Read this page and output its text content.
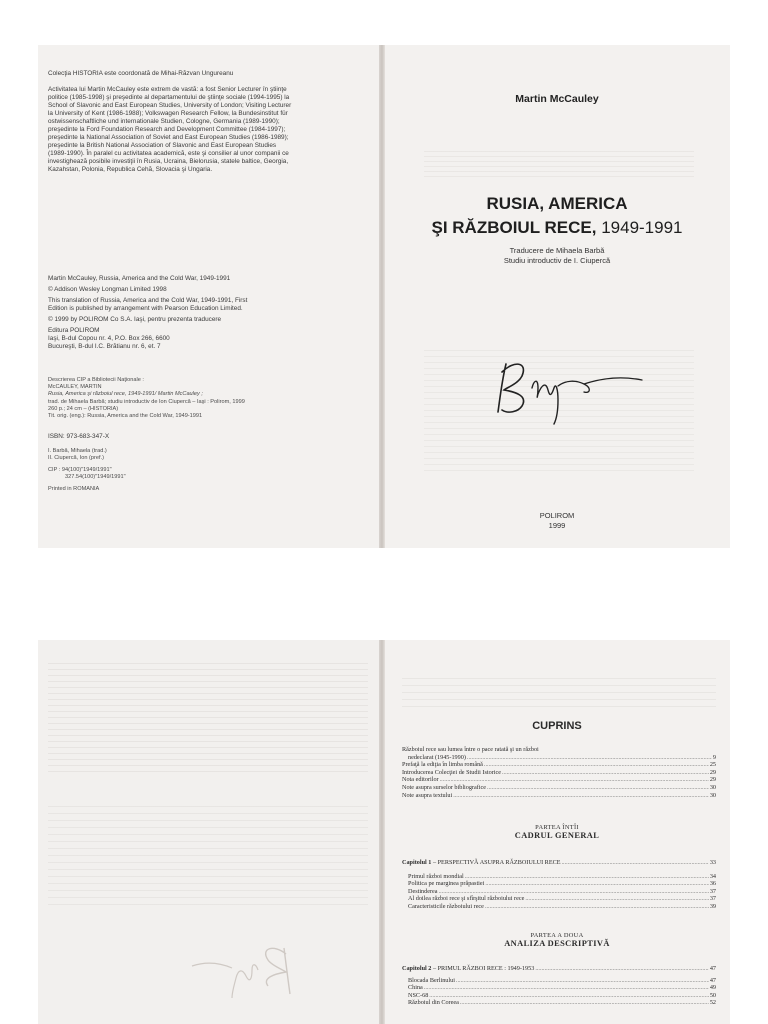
Colecţia HISTORIA este coordonată de Mihai-Răzvan Ungureanu
Activitatea lui Martin McCauley este extrem de vastă: a fost Senior Lecturer în ştiinţe
politice (1985-1998) şi preşedinte al departamentului de ştiinţe sociale (1994-1995) la
School of Slavonic and East European Studies, University of London; Visiting Lecturer
la University of Kent (1986-1988); Volkswagen Research Fellow, la Bundesinstitut für
ostwissenschaftliche und internationale Studien, Cologne, Germania (1989-1990);
preşedinte la Ford Foundation Research and Development Committee (1984-1997);
preşedinte la National Association of Soviet and East European Studies (1986-1989);
preşedinte la British National Association of Slavonic and East European Studies
(1989-1990). În paralel cu activitatea academică, este şi consilier al unor companii ce
investighează posibile investiţii în Rusia, Ucraina, Bielorusia, statele baltice, Georgia,
Kazahstan, Polonia, Republica Cehă, Slovacia şi Ungaria.
Martin McCauley, Russia, America and the Cold War, 1949-1991
© Addison Wesley Longman Limited 1998
This translation of Russia, America and the Cold War, 1949-1991, First
Edition is published by arrangement with Pearson Education Limited.
© 1999 by POLIROM Co S.A. Iaşi, pentru prezenta traducere
Editura POLIROM
Iaşi, B-dul Copou nr. 4, P.O. Box 266, 6600
Bucureşti, B-dul I.C. Brătianu nr. 6, et. 7
Descrierea CIP a Bibliotecii Naţionale :
McCAULEY, MARTIN
Rusia, America şi războiul rece, 1949-1991/ Martin McCauley ;
trad. de Mihaela Barbă; studiu introductiv de Ion Ciupercă – Iaşi : Polirom, 1999
260 p.; 24 cm – (HISTORIA)
Tit. orig. (eng.): Russia, America and the Cold War, 1949-1991
ISBN: 973-683-347-X
I. Barbă, Mihaela (trad.)
II. Ciupercă, Ion (pref.)
CIP : 94(100)"1949/1991"
327.54(100)"1949/1991"
Printed in ROMANIA
Martin McCauley
RUSIA, AMERICA
ŞI RĂZBOIUL RECE, 1949-1991
Traducere de Mihaela Barbă
Studiu introductiv de I. Ciupercă
POLIROM
1999
CUPRINS
Războiul rece sau lumea între o pace ratată şi un război
nedeclarat (1945-1990) .....	9
Prefaţă la ediţia în limba română .....	25
Introducerea Colecţiei de Studii Istorice .....	29
Nota editorilor .....	29
Note asupra surselor bibliografice .....	30
Note asupra textului .....	30
PARTEA ÎNTÎI
CADRUL GENERAL
Capitolul 1 – PERSPECTIVĂ ASUPRA RĂZBOIULUI RECE .....	33
Primul război mondial .....	34
Politica pe marginea prăpastiei .....	36
Destinderea .....	37
Al doilea război rece şi sfîrşitul războiului rece .....	37
Caracteristicile războiului rece .....	39
PARTEA A DOUA
ANALIZA DESCRIPTIVĂ
Capitolul 2 – PRIMUL RĂZBOI RECE : 1949-1953 .....	47
Blocada Berlinului .....	47
China .....	49
NSC-68 .....	50
Războiul din Coreea .....	52
